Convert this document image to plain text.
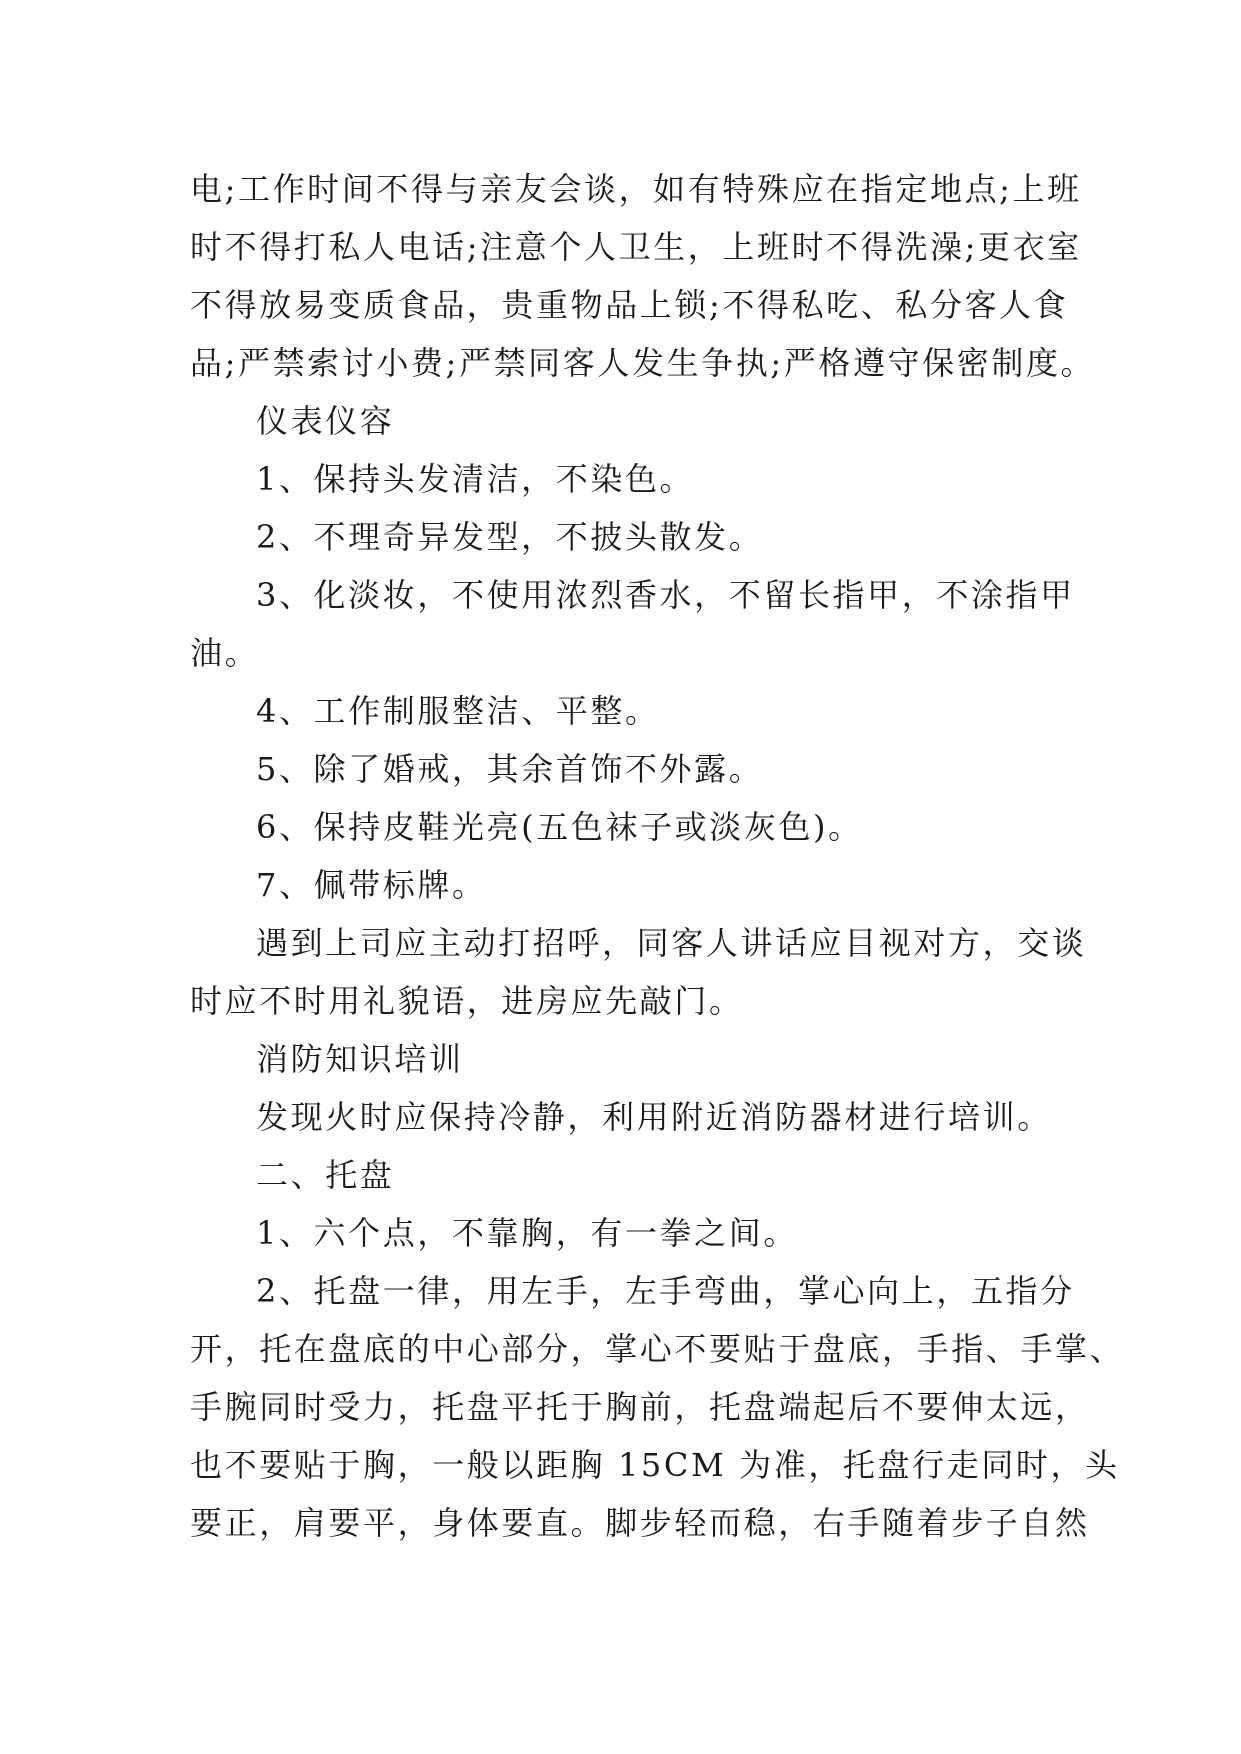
电;工作时间不得与亲友会谈，如有特殊应在指定地点;上班
时不得打私人电话;注意个人卫生，上班时不得洗澡;更衣室
不得放易变质食品，贵重物品上锁;不得私吃、私分客人食
品;严禁索讨小费;严禁同客人发生争执;严格遵守保密制度。
仪表仪容
1、保持头发清洁，不染色。
2、不理奇异发型，不披头散发。
3、化淡妆，不使用浓烈香水，不留长指甲，不涂指甲
油。
4、工作制服整洁、平整。
5、除了婚戒，其余首饰不外露。
6、保持皮鞋光亮(五色袜子或淡灰色)。
7、佩带标牌。
遇到上司应主动打招呼，同客人讲话应目视对方，交谈
时应不时用礼貌语，进房应先敲门。
消防知识培训
发现火时应保持冷静，利用附近消防器材进行培训。
二、托盘
1、六个点，不靠胸，有一拳之间。
2、托盘一律，用左手，左手弯曲，掌心向上，五指分
开，托在盘底的中心部分，掌心不要贴于盘底，手指、手掌、
手腕同时受力，托盘平托于胸前，托盘端起后不要伸太远，
也不要贴于胸，一般以距胸 15CM 为准，托盘行走同时，头
要正，肩要平，身体要直。脚步轻而稳，右手随着步子自然
